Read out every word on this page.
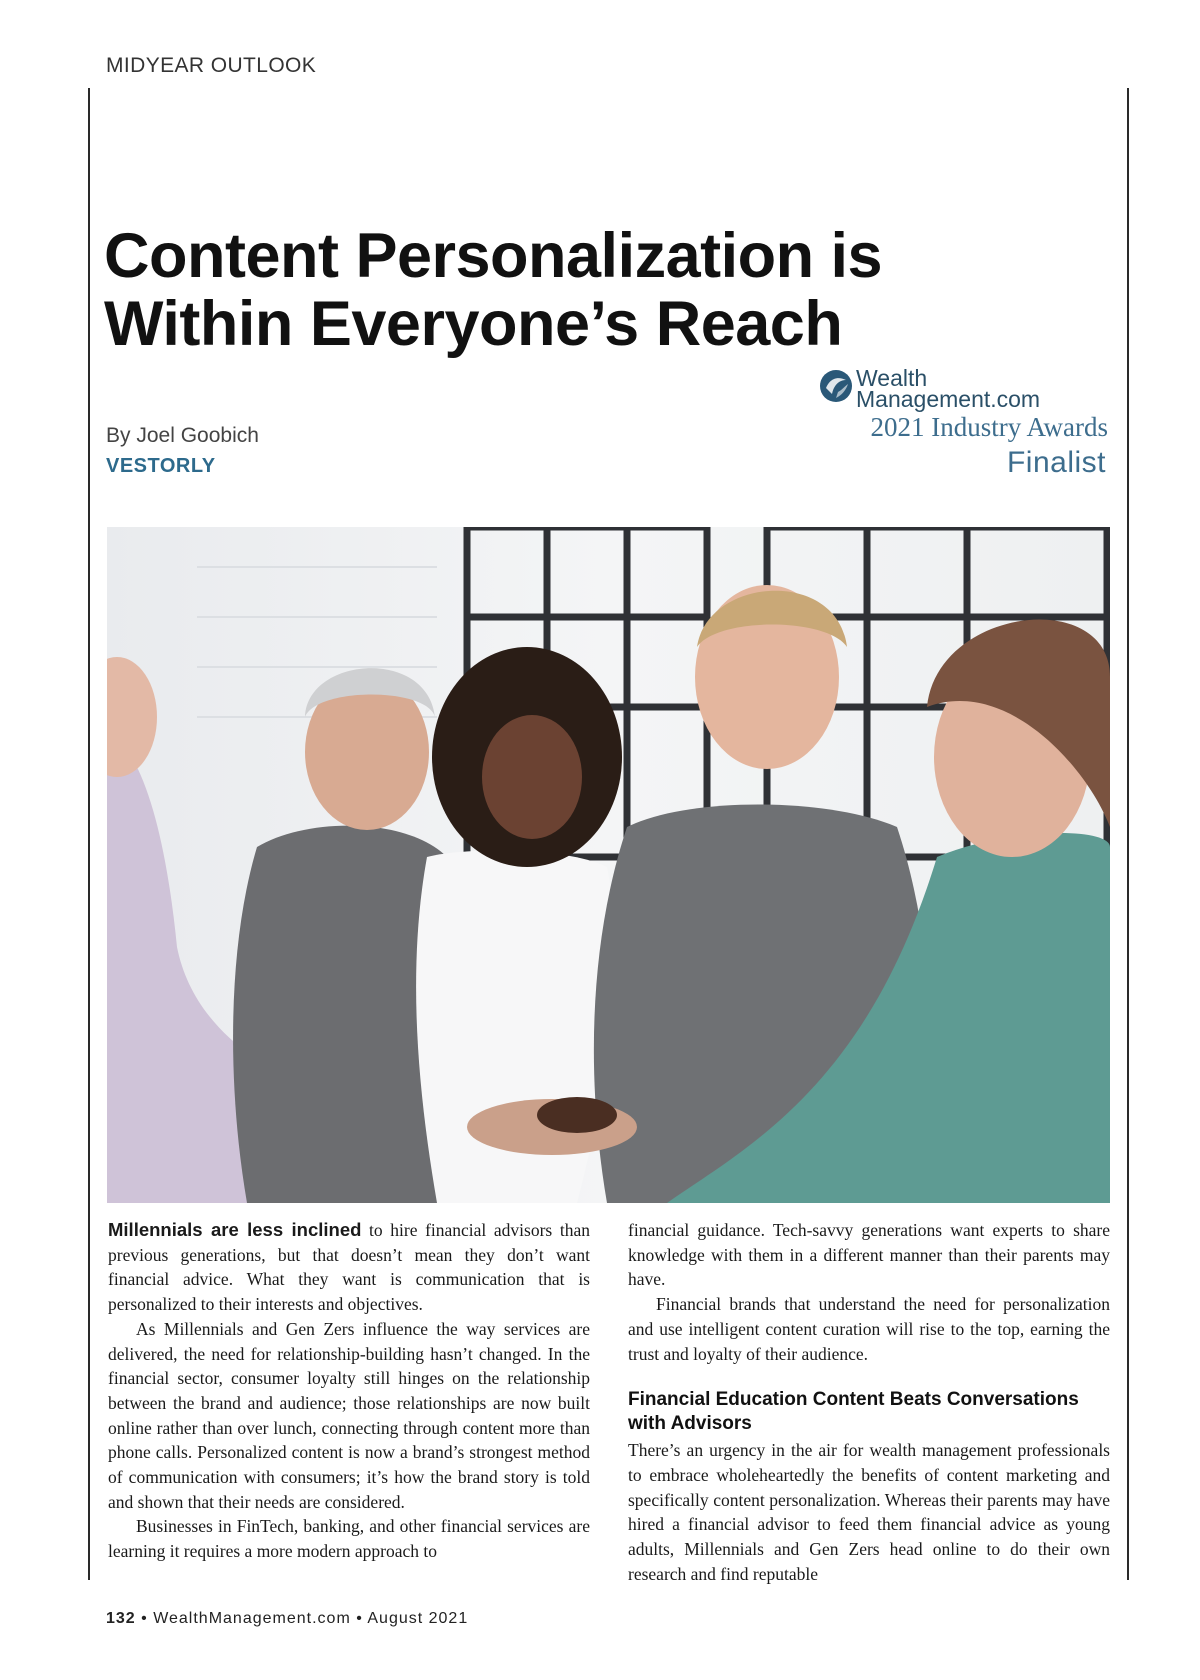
MIDYEAR OUTLOOK
Content Personalization is
Within Everyone’s Reach
By Joel Goobich
VESTORLY
Wealth
Management.com
2021 Industry Awards
Finalist

Millennials are less inclined to hire financial advisors than previous generations, but that doesn’t mean they don’t want financial advice. What they want is communication that is personalized to their interests and objectives.

As Millennials and Gen Zers influence the way services are delivered, the need for relationship-building hasn’t changed. In the financial sector, consumer loyalty still hinges on the relationship between the brand and audience; those relationships are now built online rather than over lunch, connecting through content more than phone calls. Personalized content is now a brand’s strongest method of communication with consumers; it’s how the brand story is told and shown that their needs are considered.

Businesses in FinTech, banking, and other financial services are learning it requires a more modern approach to

financial guidance. Tech-savvy generations want experts to share knowledge with them in a different manner than their parents may have.

Financial brands that understand the need for personalization and use intelligent content curation will rise to the top, earning the trust and loyalty of their audience.

Financial Education Content Beats Conversations with Advisors

There’s an urgency in the air for wealth management professionals to embrace wholeheartedly the benefits of content marketing and specifically content personalization. Whereas their parents may have hired a financial advisor to feed them financial advice as young adults, Millennials and Gen Zers head online to do their own research and find reputable

132 • WealthManagement.com • August 2021
